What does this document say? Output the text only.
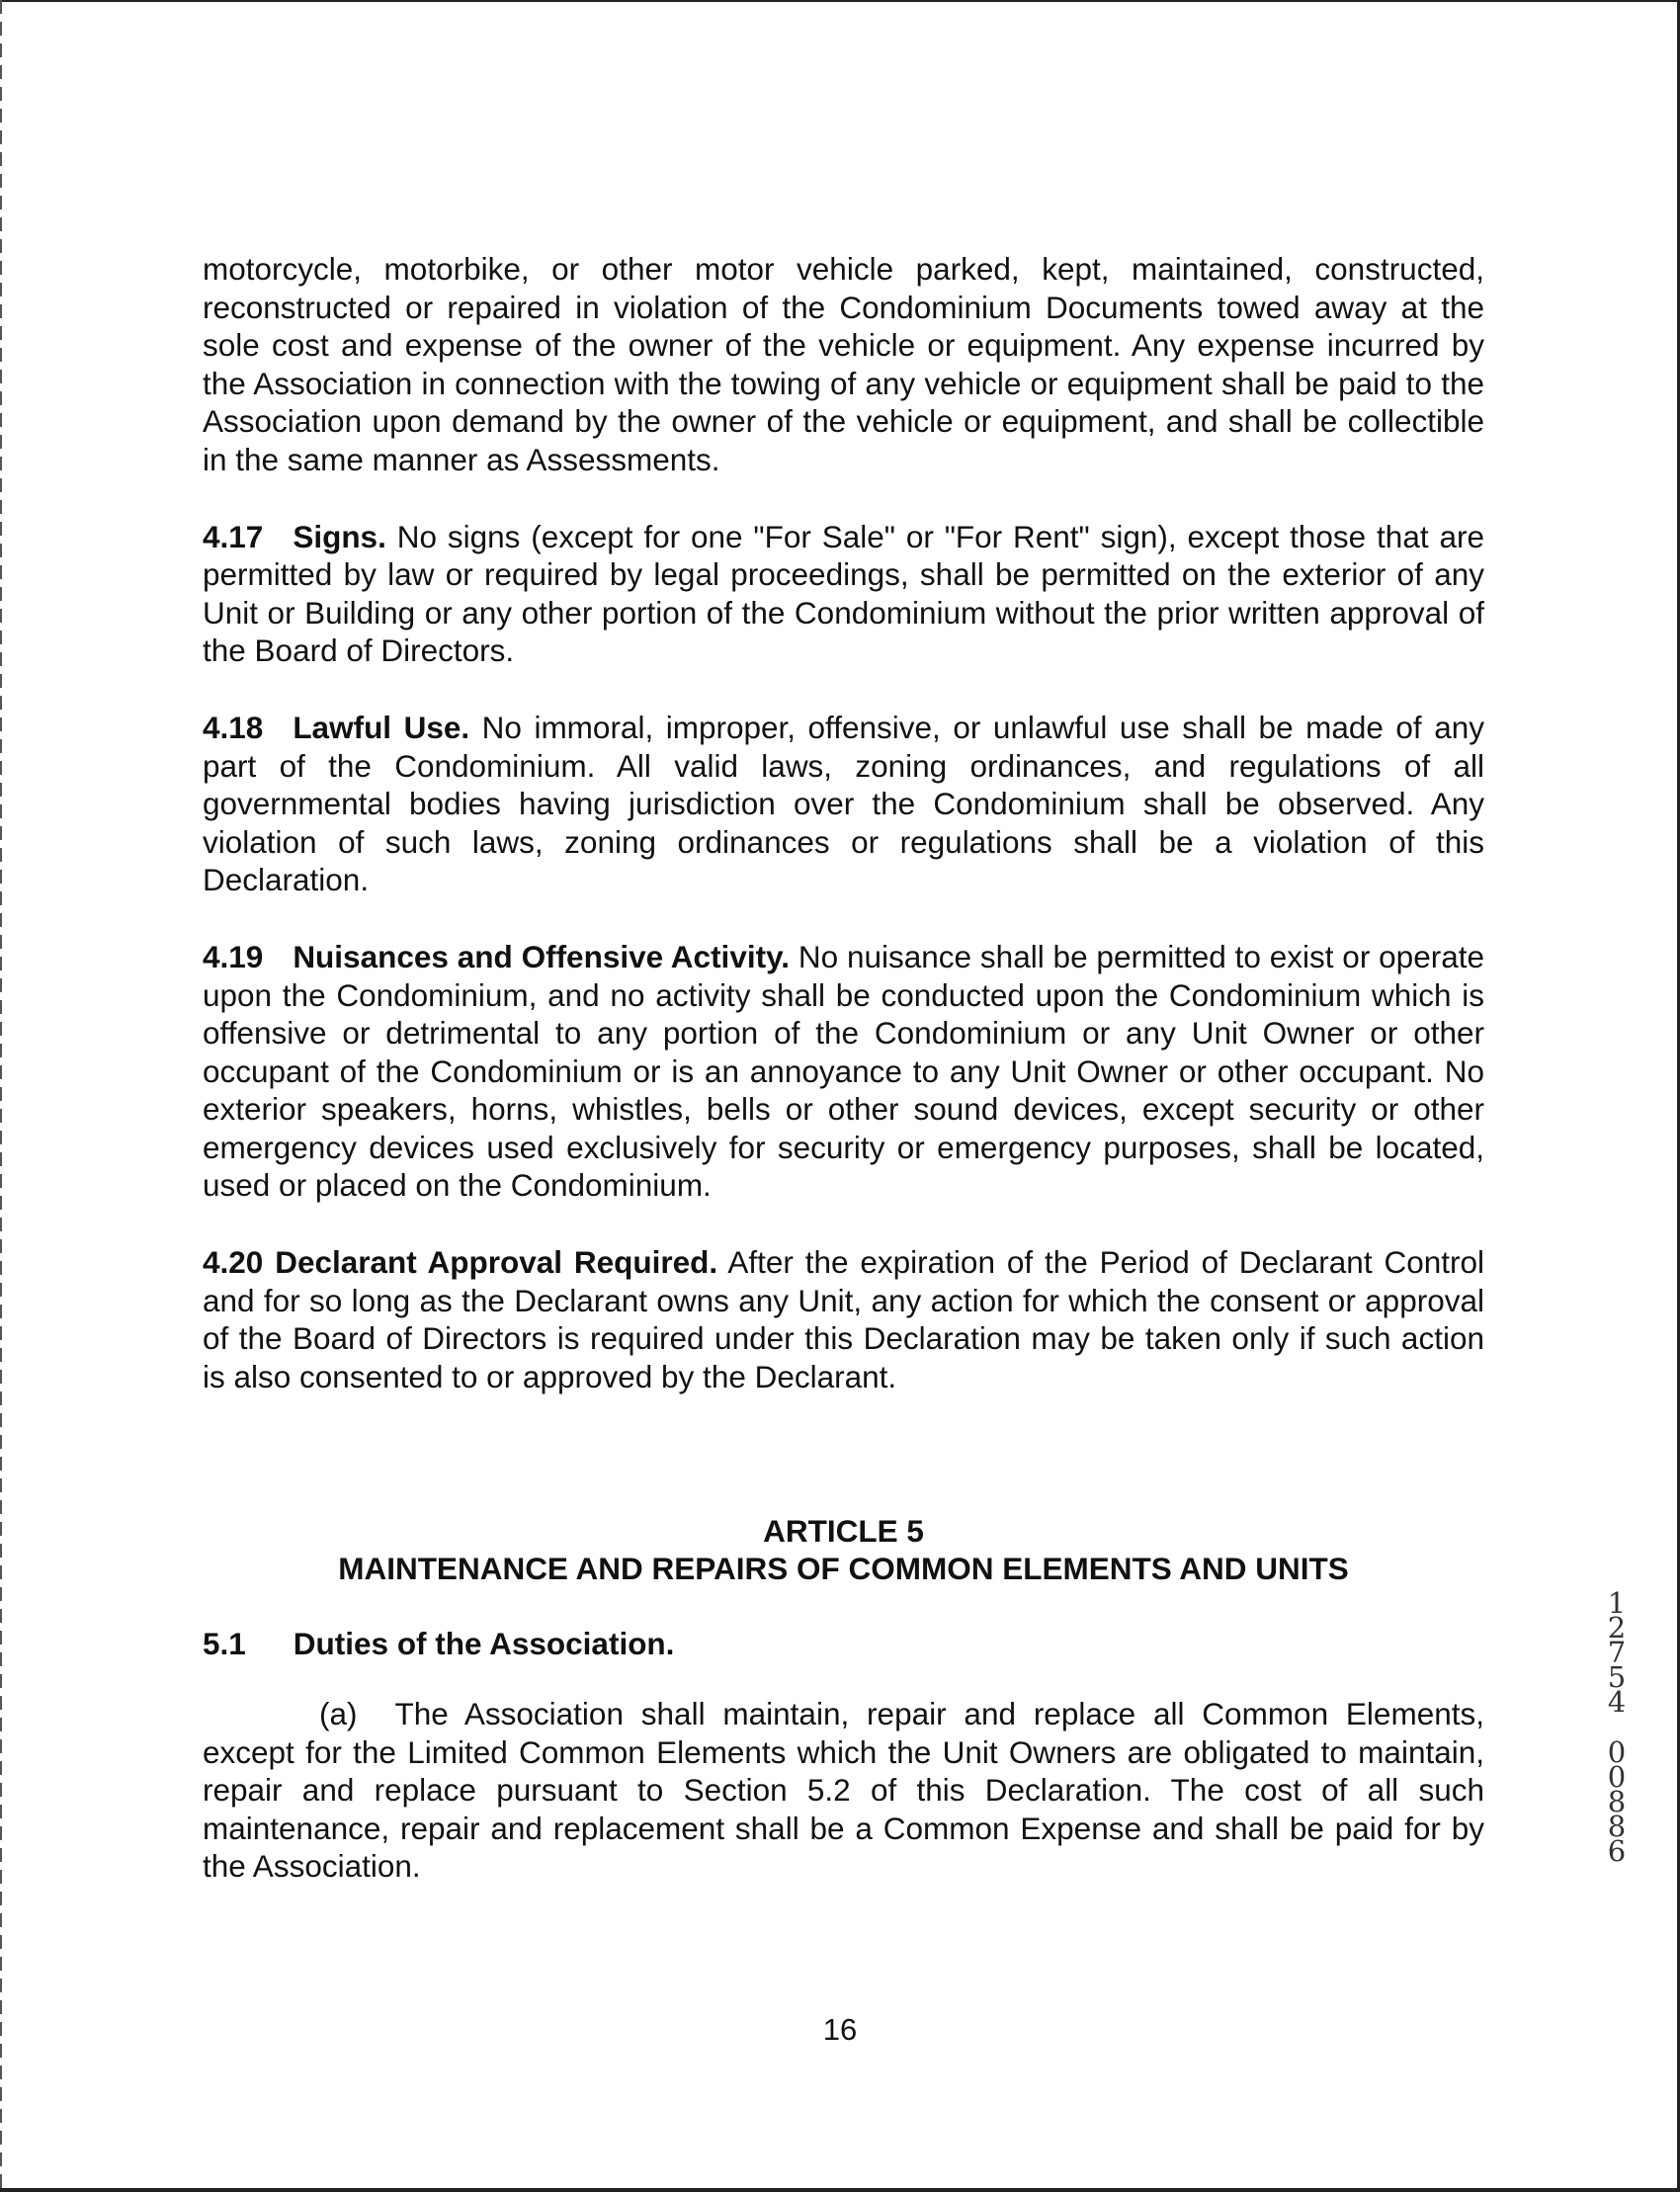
motorcycle, motorbike, or other motor vehicle parked, kept, maintained, constructed, reconstructed or repaired in violation of the Condominium Documents towed away at the sole cost and expense of the owner of the vehicle or equipment. Any expense incurred by the Association in connection with the towing of any vehicle or equipment shall be paid to the Association upon demand by the owner of the vehicle or equipment, and shall be collectible in the same manner as Assessments.

4.17 Signs. No signs (except for one "For Sale" or "For Rent" sign), except those that are permitted by law or required by legal proceedings, shall be permitted on the exterior of any Unit or Building or any other portion of the Condominium without the prior written approval of the Board of Directors.

4.18 Lawful Use. No immoral, improper, offensive, or unlawful use shall be made of any part of the Condominium. All valid laws, zoning ordinances, and regulations of all governmental bodies having jurisdiction over the Condominium shall be observed. Any violation of such laws, zoning ordinances or regulations shall be a violation of this Declaration.

4.19 Nuisances and Offensive Activity. No nuisance shall be permitted to exist or operate upon the Condominium, and no activity shall be conducted upon the Condominium which is offensive or detrimental to any portion of the Condominium or any Unit Owner or other occupant of the Condominium or is an annoyance to any Unit Owner or other occupant. No exterior speakers, horns, whistles, bells or other sound devices, except security or other emergency devices used exclusively for security or emergency purposes, shall be located, used or placed on the Condominium.

4.20 Declarant Approval Required. After the expiration of the Period of Declarant Control and for so long as the Declarant owns any Unit, any action for which the consent or approval of the Board of Directors is required under this Declaration may be taken only if such action is also consented to or approved by the Declarant.

ARTICLE 5
MAINTENANCE AND REPAIRS OF COMMON ELEMENTS AND UNITS
5.1 Duties of the Association.

(a) The Association shall maintain, repair and replace all Common Elements, except for the Limited Common Elements which the Unit Owners are obligated to maintain, repair and replace pursuant to Section 5.2 of this Declaration. The cost of all such maintenance, repair and replacement shall be a Common Expense and shall be paid for by the Association.

16
12754
00886
